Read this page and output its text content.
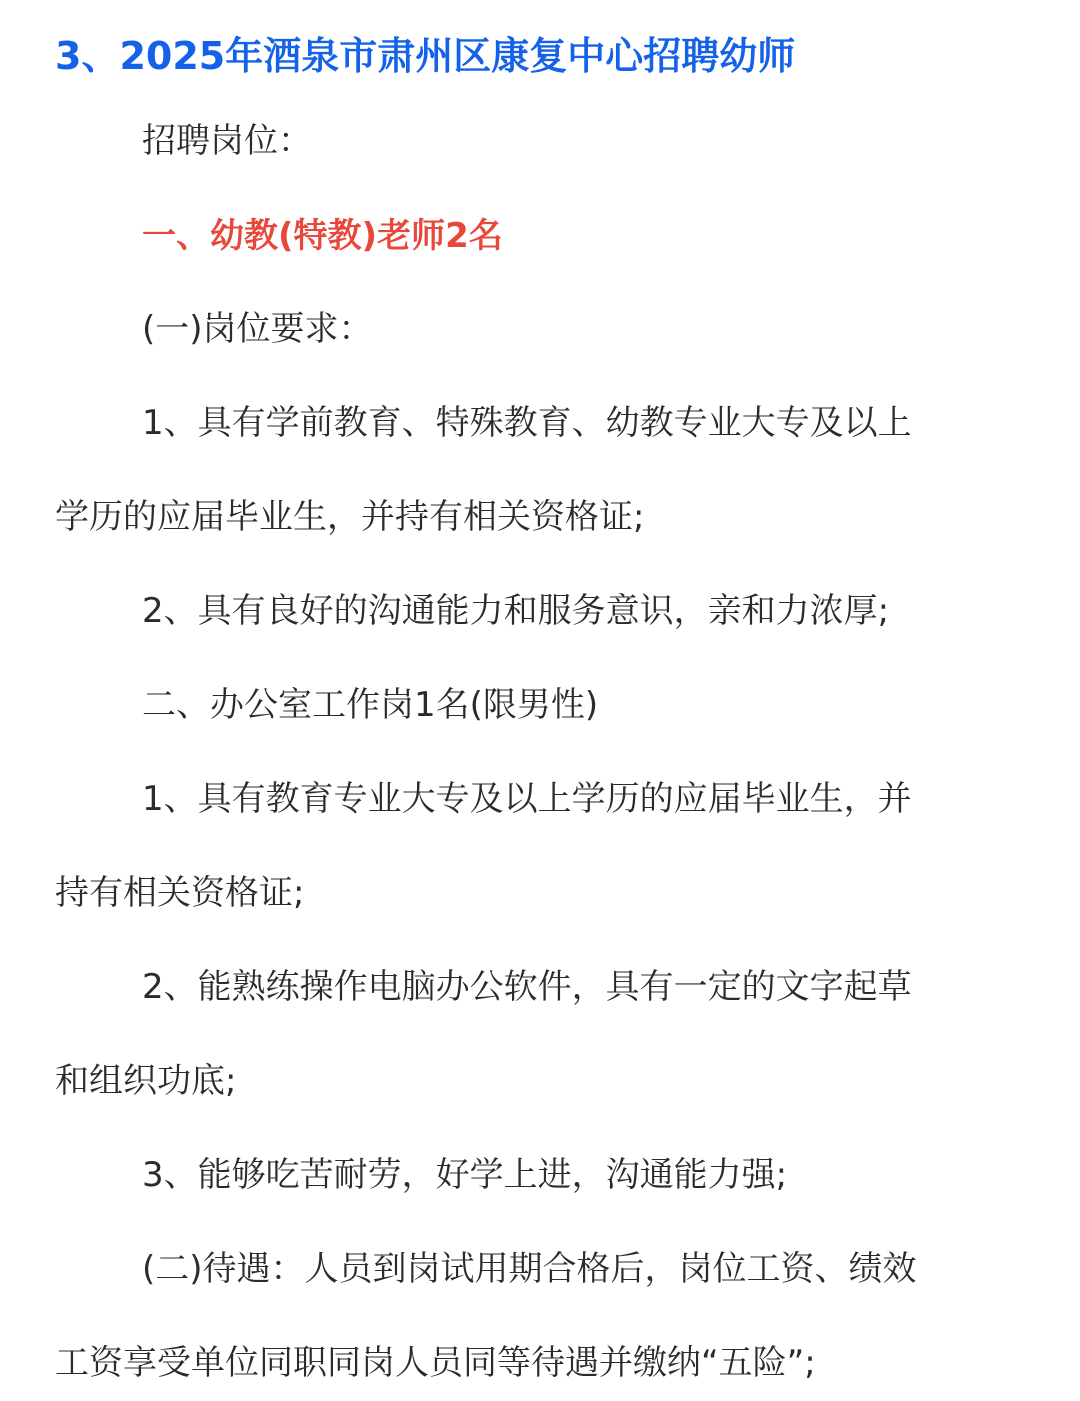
3、2025年酒泉市肃州区康复中心招聘幼师
招聘岗位：
一、幼教(特教)老师2名
(一)岗位要求：
1、具有学前教育、特殊教育、幼教专业大专及以上
学历的应届毕业生，并持有相关资格证;
2、具有良好的沟通能力和服务意识，亲和力浓厚;
二、办公室工作岗1名(限男性)
1、具有教育专业大专及以上学历的应届毕业生，并
持有相关资格证;
2、能熟练操作电脑办公软件，具有一定的文字起草
和组织功底;
3、能够吃苦耐劳，好学上进，沟通能力强;
(二)待遇：人员到岗试用期合格后，岗位工资、绩效
工资享受单位同职同岗人员同等待遇并缴纳“五险”;
